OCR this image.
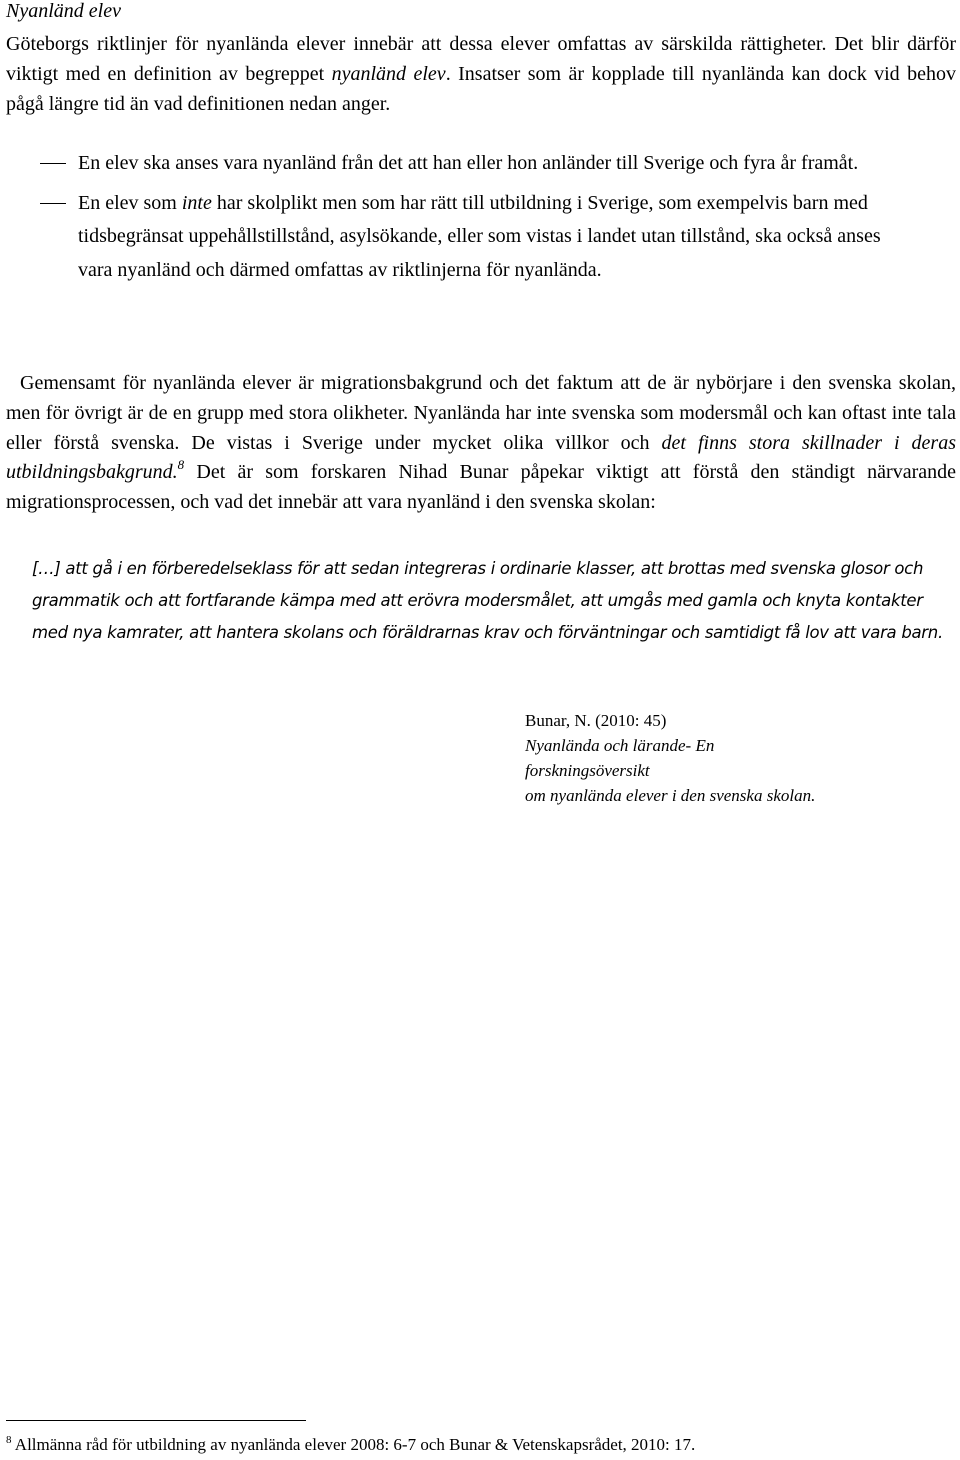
Nyanländ elev

Göteborgs riktlinjer för nyanlända elever innebär att dessa elever omfattas av särskilda rättigheter. Det blir därför viktigt med en definition av begreppet nyanländ elev. Insatser som är kopplade till nyanlända kan dock vid behov pågå längre tid än vad definitionen nedan anger.

En elev ska anses vara nyanländ från det att han eller hon anländer till Sverige och fyra år framåt.

En elev som inte har skolplikt men som har rätt till utbildning i Sverige, som exempelvis barn med tidsbegränsat uppehållstillstånd, asylsökande, eller som vistas i landet utan tillstånd, ska också anses vara nyanländ och därmed omfattas av riktlinjerna för nyanlända.

Gemensamt för nyanlända elever är migrationsbakgrund och det faktum att de är nybörjare i den svenska skolan, men för övrigt är de en grupp med stora olikheter. Nyanlända har inte svenska som modersmål och kan oftast inte tala eller förstå svenska. De vistas i Sverige under mycket olika villkor och det finns stora skillnader i deras utbildningsbakgrund.$^8$ Det är som forskaren Nihad Bunar påpekar viktigt att förstå den ständigt närvarande migrationsprocessen, och vad det innebär att vara nyanländ i den svenska skolan:

[…] att gå i en förberedelseklass för att sedan integreras i ordinarie klasser, att brottas med svenska glosor och grammatik och att fortfarande kämpa med att erövra modersmålet, att umgås med gamla och knyta kontakter med nya kamrater, att hantera skolans och föräldrarnas krav och förväntningar och samtidigt få lov att vara barn.

Bunar, N. (2010: 45)
Nyanlända och lärande- En
forskningsöversikt
om nyanlända elever i den svenska skolan.
$^8$ Allmänna råd för utbildning av nyanlända elever 2008: 6-7 och Bunar & Vetenskapsrådet, 2010: 17.
